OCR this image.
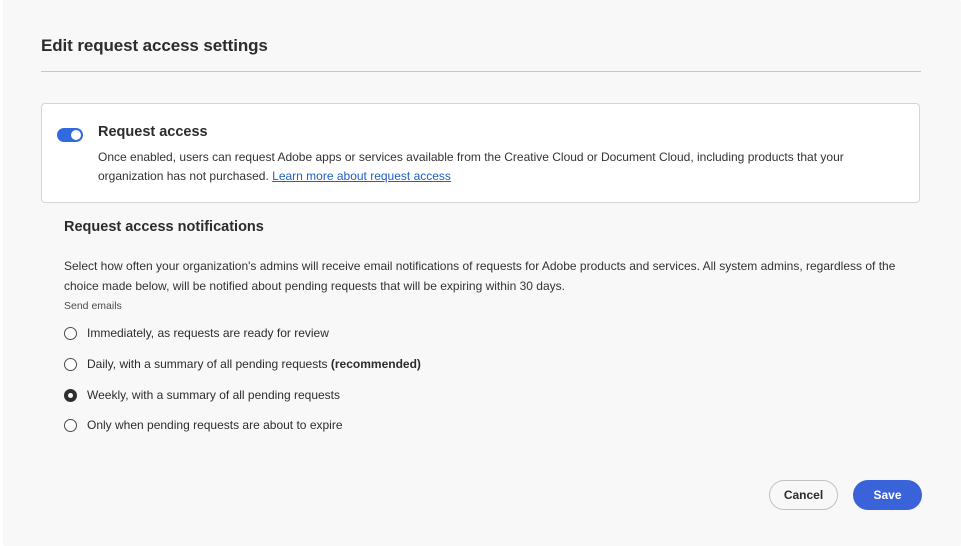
Edit request access settings
Request access
Once enabled, users can request Adobe apps or services available from the Creative Cloud or Document Cloud, including products that your organization has not purchased. Learn more about request access
Request access notifications
Select how often your organization's admins will receive email notifications of requests for Adobe products and services. All system admins, regardless of the choice made below, will be notified about pending requests that will be expiring within 30 days.
Send emails
Immediately, as requests are ready for review
Daily, with a summary of all pending requests (recommended)
Weekly, with a summary of all pending requests
Only when pending requests are about to expire
Cancel	Save
